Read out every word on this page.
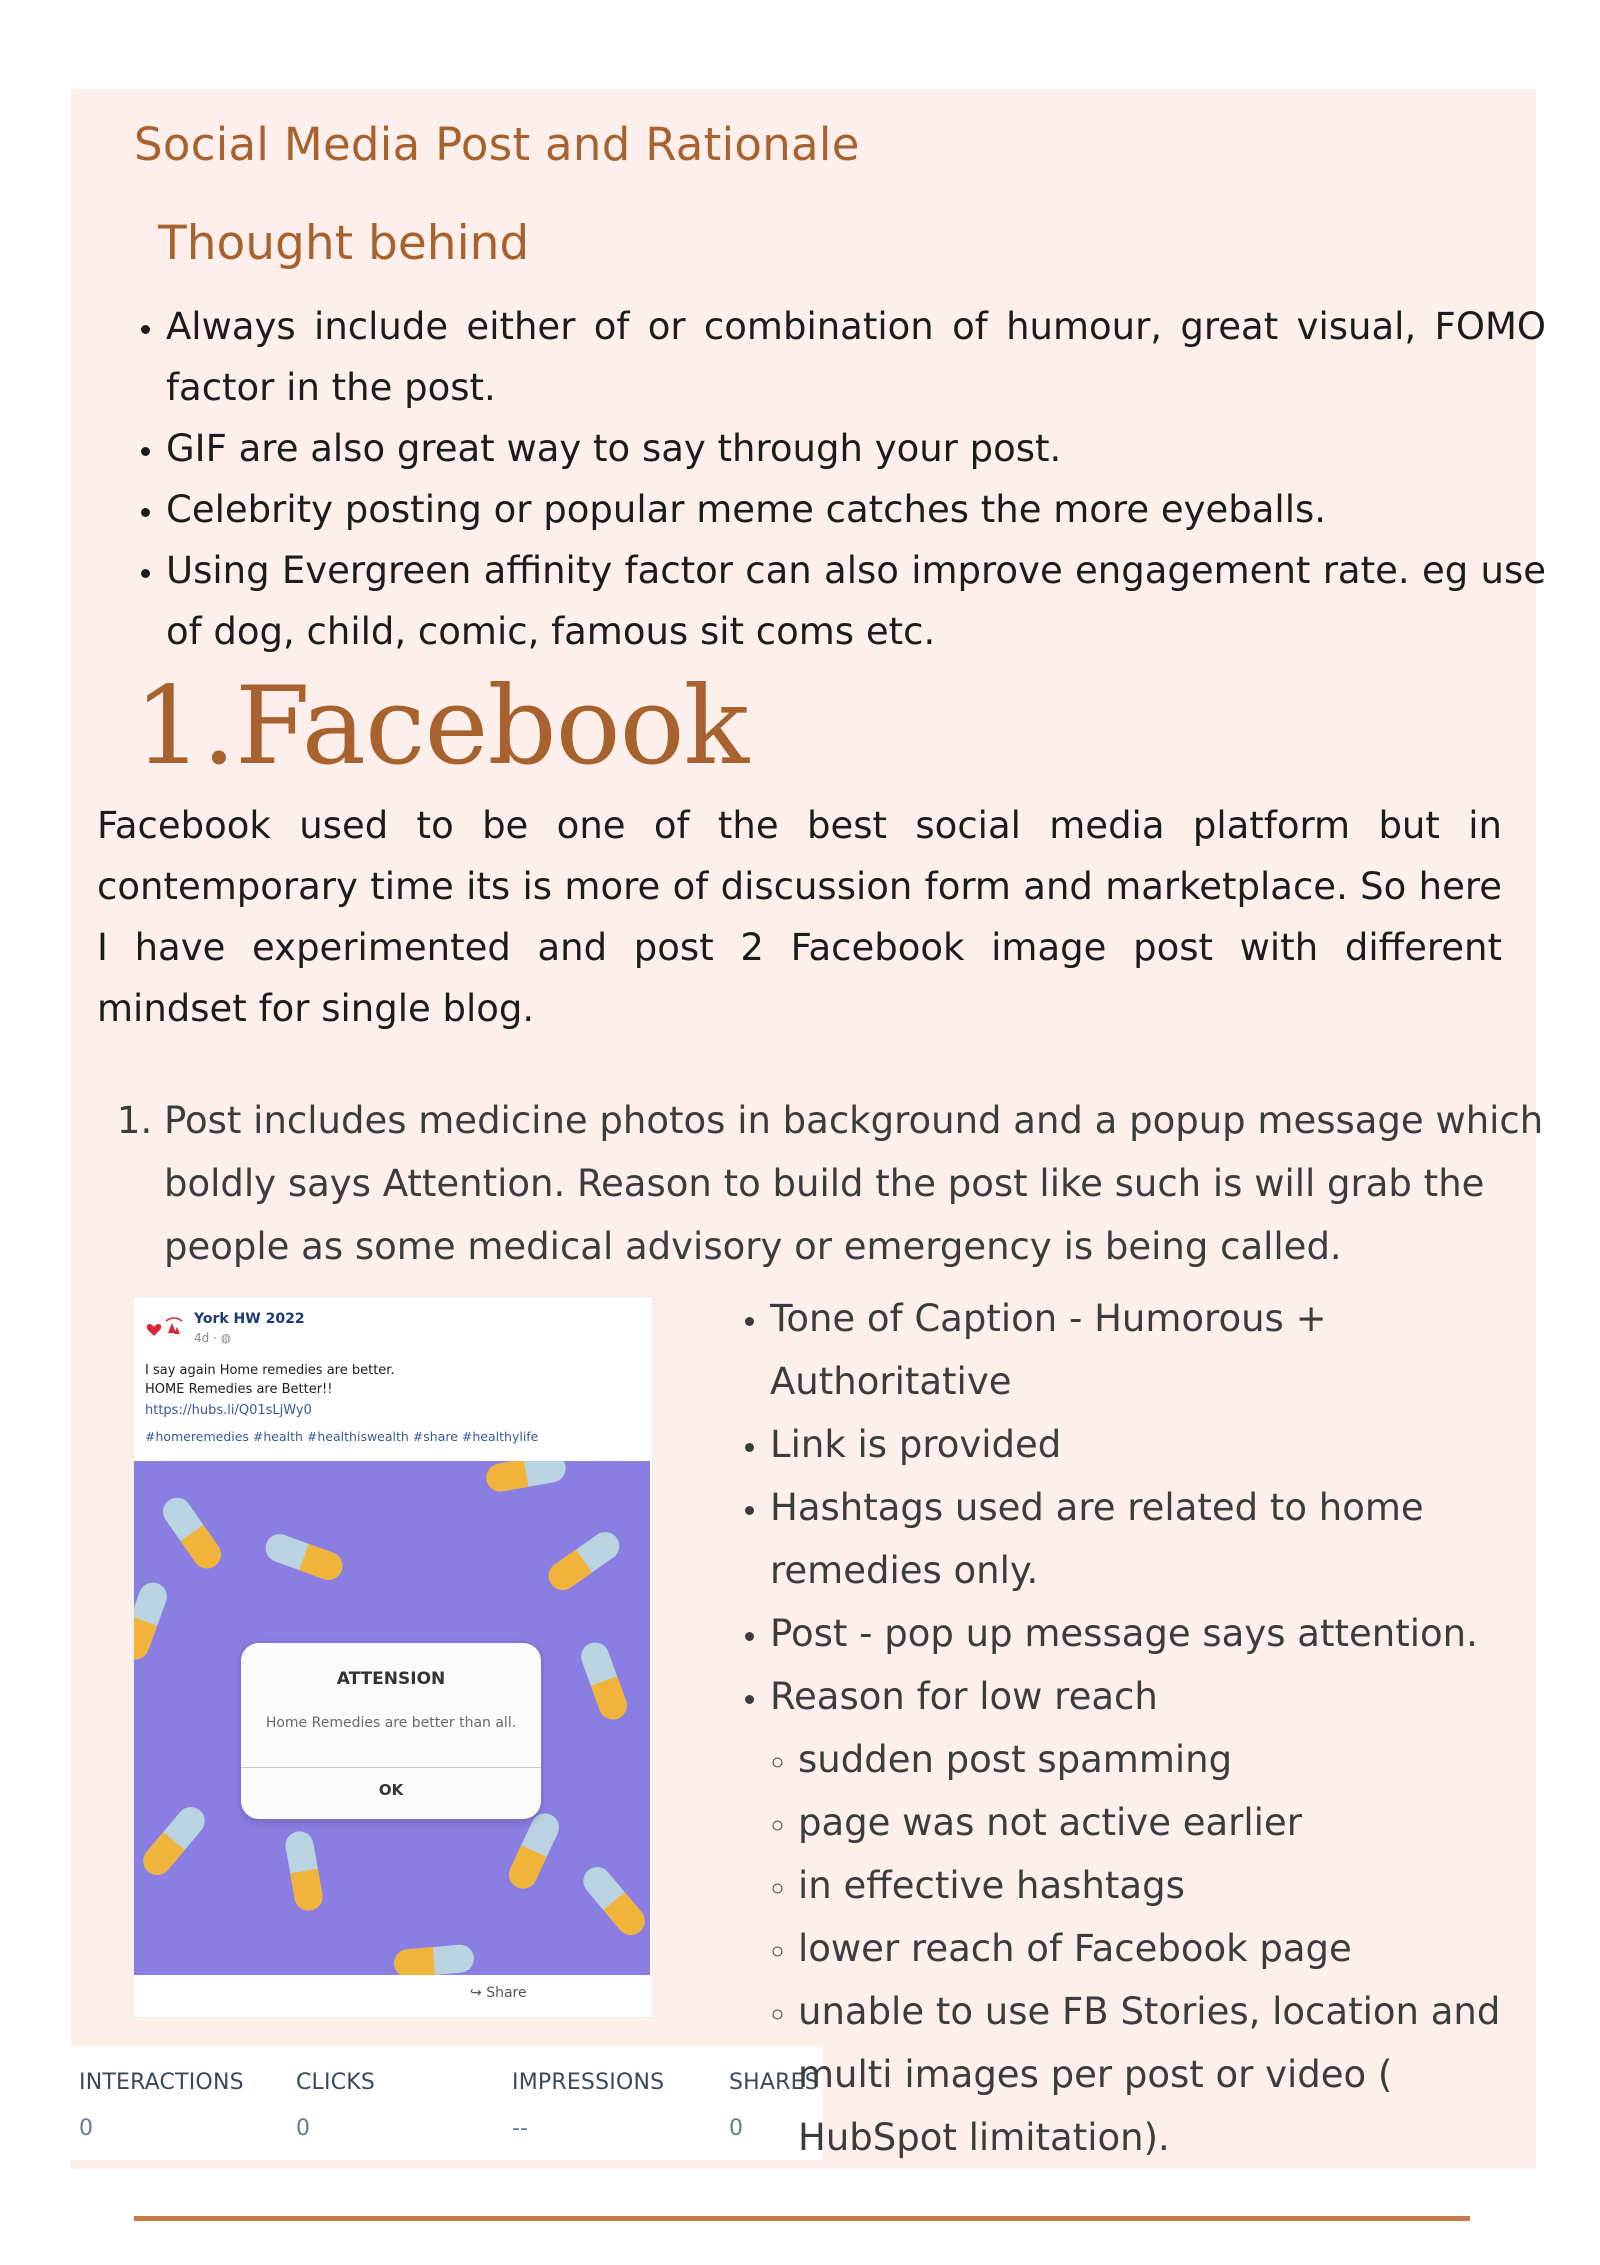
Social Media Post and Rationale
Thought behind
• Always include either of or combination of humour, great visual, FOMO factor in the post.
• GIF are also great way to say through your post.
• Celebrity posting or popular meme catches the more eyeballs.
• Using Evergreen affinity factor can also improve engagement rate. eg use of dog, child, comic, famous sit coms etc.
1.Facebook

Facebook used to be one of the best social media platform but in contemporary time its is more of discussion form and marketplace. So here I have experimented and post 2 Facebook image post with different mindset for single blog.

1. Post includes medicine photos in background and a popup message which boldly says Attention. Reason to build the post like such is will grab the people as some medical advisory or emergency is being called.
York HW 2022
4d · ◍
I say again Home remedies are better.
HOME Remedies are Better!!
https://hubs.li/Q01sLjWy0
#homeremedies #health #healthiswealth #share #healthylife
ATTENSION
Home Remedies are better than all.
OK
↪ Share
INTERACTIONS CLICKS	IMPRESSIONS	SHARES
0	0	--	0
• Tone of Caption - Humorous + Authoritative
• Link is provided
• Hashtags used are related to home remedies only.
• Post - pop up message says attention.
• Reason for low reach
◦ sudden post spamming
◦ page was not active earlier
◦ in effective hashtags
◦ lower reach of Facebook page
◦ unable to use FB Stories, location and multi images per post or video ( HubSpot limitation).
